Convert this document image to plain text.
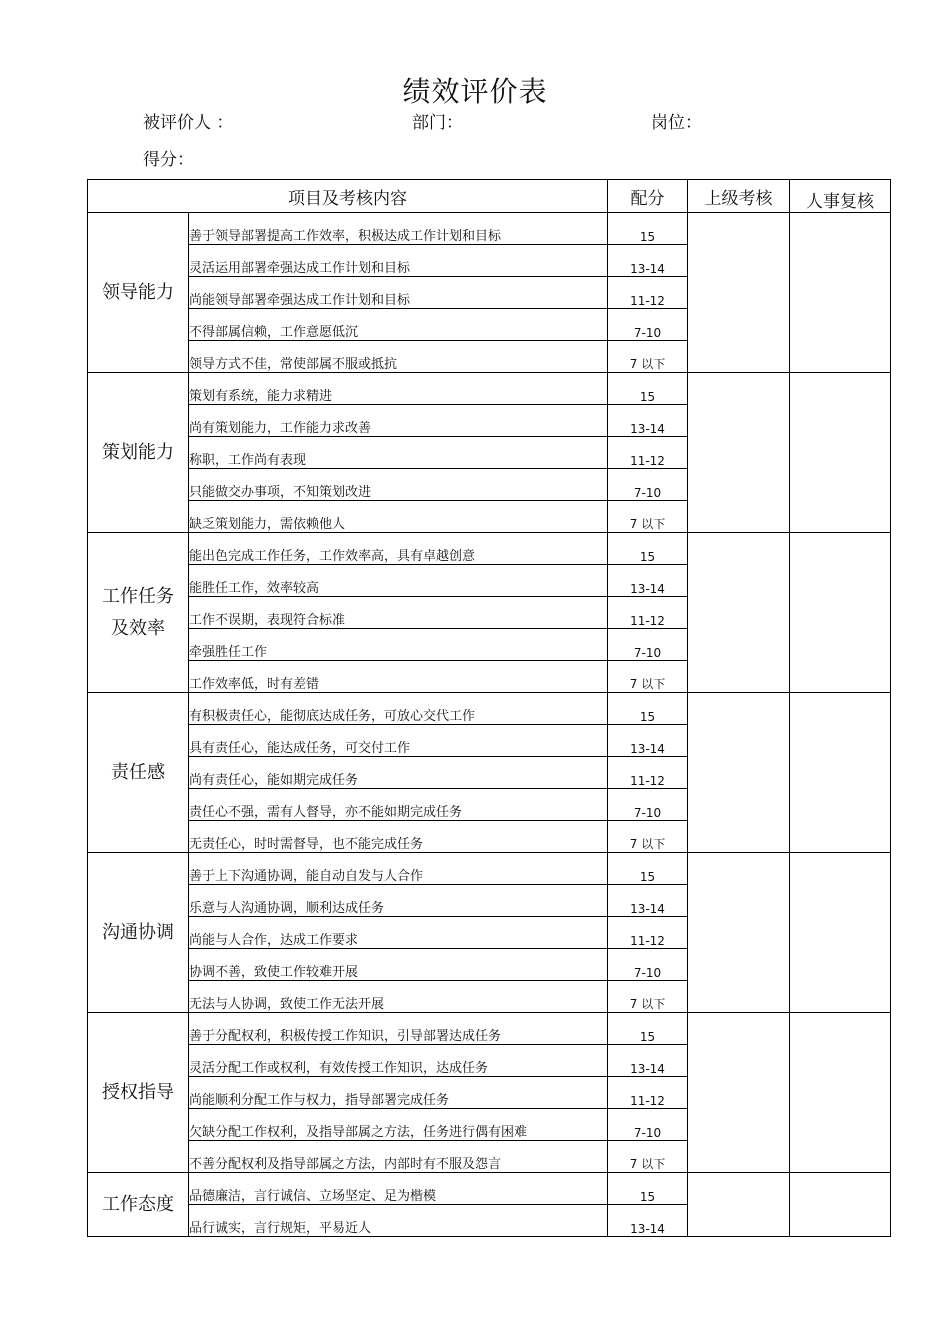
绩效评价表
被评价人 ：	部门：	岗位：
得分：
项目及考核内容		配分	上级考核	人事复核
领导能力	善于领导部署提高工作效率，积极达成工作计划和目标	15		
	灵活运用部署牵强达成工作计划和目标	13-14		
	尚能领导部署牵强达成工作计划和目标	11-12		
	不得部属信赖，工作意愿低沉	7-10		
	领导方式不佳，常使部属不服或抵抗	7 以下		
策划能力	策划有系统，能力求精进	15		
	尚有策划能力，工作能力求改善	13-14		
	称职，工作尚有表现	11-12		
	只能做交办事项，不知策划改进	7-10		
	缺乏策划能力，需依赖他人	7 以下		

工作任务
及效率	能出色完成工作任务，工作效率高，具有卓越创意	15		
	能胜任工作，效率较高	13-14		
	工作不误期，表现符合标准	11-12		
	牵强胜任工作	7-10		
	工作效率低，时有差错	7 以下		
责任感	有积极责任心，能彻底达成任务，可放心交代工作	15		
	具有责任心，能达成任务，可交付工作	13-14		
	尚有责任心，能如期完成任务	11-12		
	责任心不强，需有人督导，亦不能如期完成任务	7-10		
	无责任心，时时需督导，也不能完成任务	7 以下		
沟通协调	善于上下沟通协调，能自动自发与人合作	15		
	乐意与人沟通协调，顺利达成任务	13-14		
	尚能与人合作，达成工作要求	11-12		
	协调不善，致使工作较难开展	7-10		
	无法与人协调，致使工作无法开展	7 以下		
授权指导	善于分配权利，积极传授工作知识，引导部署达成任务	15		
	灵活分配工作或权利，有效传授工作知识，达成任务	13-14		
	尚能顺利分配工作与权力，指导部署完成任务	11-12		
	欠缺分配工作权利，及指导部属之方法，任务进行偶有困难	7-10		
	不善分配权利及指导部属之方法，内部时有不服及怨言	7 以下		
工作态度	品德廉洁，言行诚信、立场坚定、足为楷模	15		
	品行诚实，言行规矩，平易近人	13-14		
